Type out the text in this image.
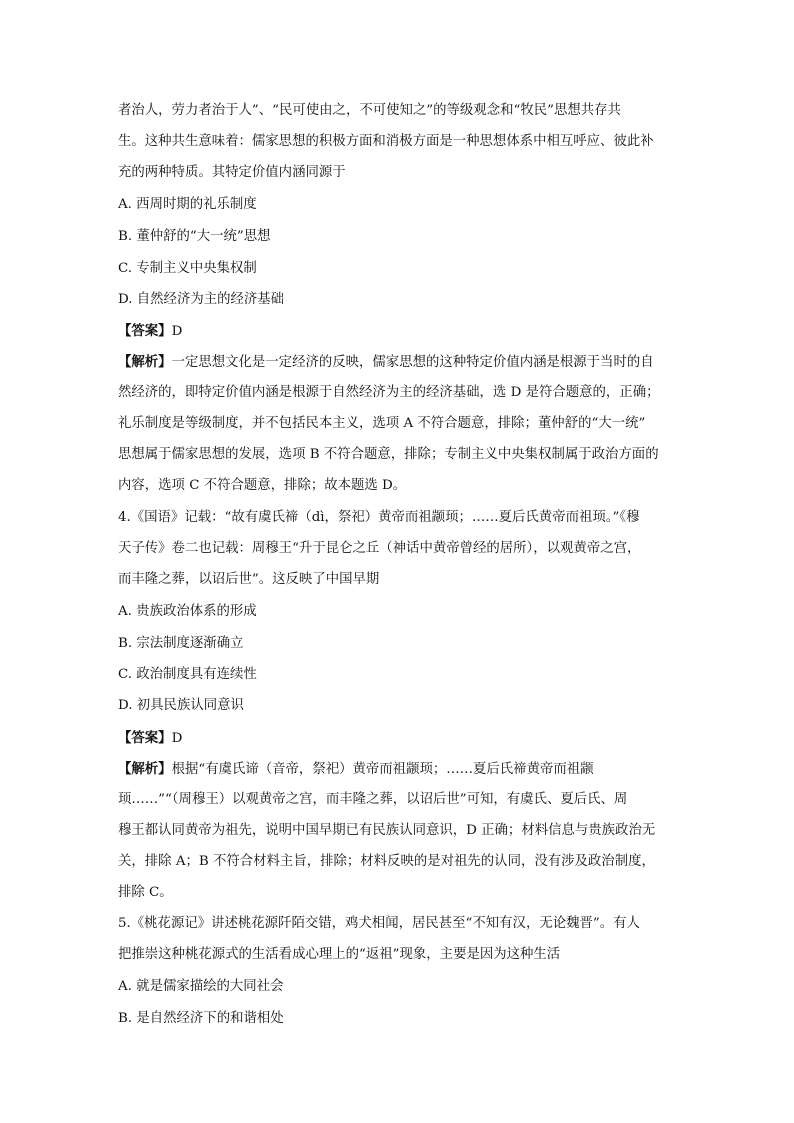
者治人，劳力者治于人”、“民可使由之，不可使知之”的等级观念和“牧民”思想共存共
生。这种共生意味着：儒家思想的积极方面和消极方面是一种思想体系中相互呼应、彼此补
充的两种特质。其特定价值内涵同源于
A. 西周时期的礼乐制度
B. 董仲舒的“大一统”思想
C. 专制主义中央集权制
D. 自然经济为主的经济基础
【答案】D
【解析】一定思想文化是一定经济的反映，儒家思想的这种特定价值内涵是根源于当时的自
然经济的，即特定价值内涵是根源于自然经济为主的经济基础，选 D 是符合题意的，正确；
礼乐制度是等级制度，并不包括民本主义，选项 A 不符合题意，排除；董仲舒的“大一统”
思想属于儒家思想的发展，选项 B 不符合题意，排除；专制主义中央集权制属于政治方面的
内容，选项 C 不符合题意，排除；故本题选 D。
4.《国语》记载：“故有虞氏禘（dì，祭祀）黄帝而祖颛顼；……夏后氏黄帝而祖顼。”《穆
天子传》卷二也记载：周穆王“升于昆仑之丘（神话中黄帝曾经的居所），以观黄帝之宫，
而丰隆之葬，以诏后世”。这反映了中国早期
A. 贵族政治体系的形成
B. 宗法制度逐渐确立
C. 政治制度具有连续性
D. 初具民族认同意识
【答案】D
【解析】根据“有虞氏谛（音帝，祭祀）黄帝而祖颛顼；……夏后氏禘黄帝而祖颛
顼……”“（周穆王）以观黄帝之宫，而丰隆之葬，以诏后世”可知，有虞氏、夏后氏、周
穆王都认同黄帝为祖先，说明中国早期已有民族认同意识，D 正确；材料信息与贵族政治无
关，排除 A；B 不符合材料主旨，排除；材料反映的是对祖先的认同，没有涉及政治制度，
排除 C。
5.《桃花源记》讲述桃花源阡陌交错，鸡犬相闻，居民甚至“不知有汉，无论魏晋”。有人
把推崇这种桃花源式的生活看成心理上的“返祖”现象，主要是因为这种生活
A. 就是儒家描绘的大同社会
B. 是自然经济下的和谐相处
